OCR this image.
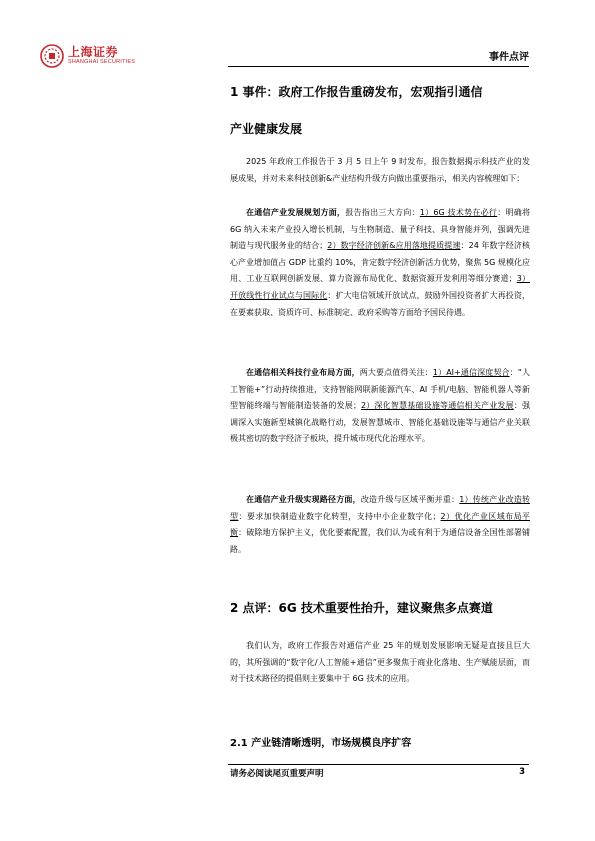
上海证券
SHANGHAI SECURITIES	事件点评
1 事件：政府工作报告重磅发布，宏观指引通信
产业健康发展
2025 年政府工作报告于 3 月 5 日上午 9 时发布，报告数据揭示科技产业的发展成果，并对未来科技创新&产业结构升级方向做出重要指示，相关内容梳理如下：
在通信产业发展规划方面，报告指出三大方向：1）6G 技术势在必行：明确将 6G 纳入未来产业投入增长机制，与生物制造、量子科技、具身智能并列，强调先进制造与现代服务业的结合；2）数字经济创新&应用落地提质提速：24 年数字经济核心产业增加值占 GDP 比重约 10%，肯定数字经济创新活力优势，聚焦 5G 规模化应用、工业互联网创新发展、算力资源布局优化、数据资源开发利用等细分赛道；3）开放线性行业试点与国际化：扩大电信领域开放试点，鼓励外国投资者扩大再投资，在要素获取、资质许可、标准制定、政府采购等方面给予国民待遇。
在通信相关科技行业布局方面，两大要点值得关注：1）AI+通信深度契合：“人工智能+”行动持续推进，支持智能网联新能源汽车、AI 手机/电脑、智能机器人等新型智能终端与智能制造装备的发展；2）深化智慧基础设施等通信相关产业发展：强调深入实施新型城镇化战略行动，发展智慧城市、智能化基础设施等与通信产业关联极其密切的数字经济子板块，提升城市现代化治理水平。
在通信产业升级实现路径方面，改造升级与区域平衡并重：1）传统产业改造转型：要求加快制造业数字化转型，支持中小企业数字化；2）优化产业区域布局平衡：破除地方保护主义，优化要素配置，我们认为或有利于为通信设备全国性部署铺路。
2 点评：6G 技术重要性抬升，建议聚焦多点赛道
我们认为，政府工作报告对通信产业 25 年的规划发展影响无疑是直接且巨大的，其所强调的“数字化/人工智能+通信”更多聚焦于商业化落地、生产赋能层面，而对于技术路径的提倡则主要集中于 6G 技术的应用。
2.1 产业链清晰透明，市场规模良序扩容
请务必阅读尾页重要声明	3
